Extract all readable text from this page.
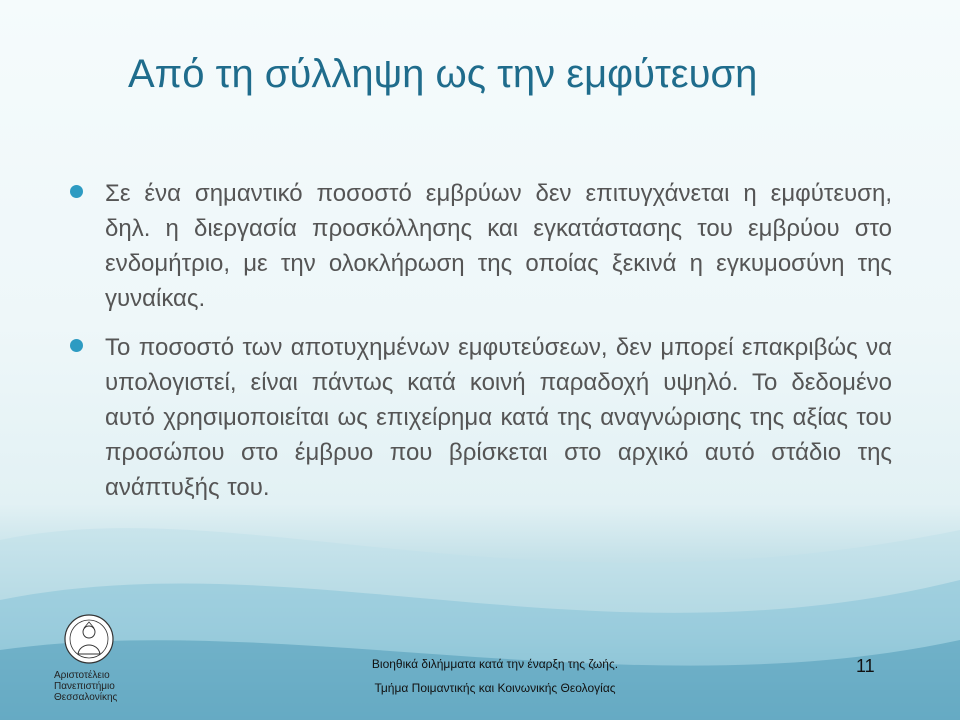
Από τη σύλληψη ως την εμφύτευση
Σε ένα σημαντικό ποσοστό εμβρύων δεν επιτυγχάνεται η εμφύτευση, δηλ. η διεργασία προσκόλλησης και εγκατάστασης του εμβρύου στο ενδομήτριο, με την ολοκλήρωση της οποίας ξεκινά η εγκυμοσύνη της γυναίκας.
Το ποσοστό των αποτυχημένων εμφυτεύσεων, δεν μπορεί επακριβώς να υπολογιστεί, είναι πάντως κατά κοινή παραδοχή υψηλό. Το δεδομένο αυτό χρησιμοποιείται ως επιχείρημα κατά της αναγνώρισης της αξίας του προσώπου στο έμβρυο που βρίσκεται στο αρχικό αυτό στάδιο της ανάπτυξής του.
Αριστοτέλειο
Πανεπιστήμιο
Θεσσαλονίκης
Βιοηθικά διλήμματα κατά την έναρξη της ζωής.
Τμήμα Ποιμαντικής και Κοινωνικής Θεολογίας
11
